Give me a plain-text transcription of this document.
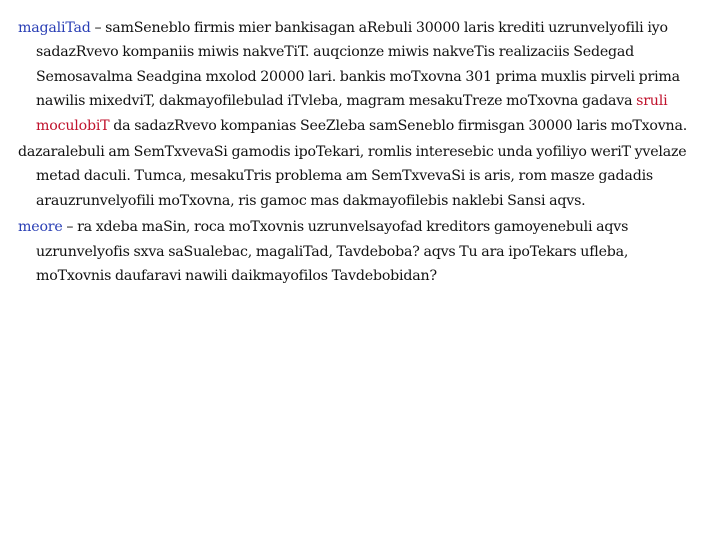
magaliTad – samSeneblo firmis mier bankisagan aRebuli 30000 laris krediti uzrunvelyofili iyo sadazRvevo kompaniis miwis nakveTiT. auqcionze miwis nakveTis realizaciis Sedegad Semosavalma Seadgina mxolod 20000 lari. bankis moTxovna 301 prima muxlis pirveli prima nawilis mixedviT, dakmayofilebulad iTvleba, magram mesakuTreze moTxovna gadava sruli moculobiT da sadazRvevo kompanias SeeZleba samSeneblo firmisgan 30000 laris moTxovna.

dazaralebuli am SemTxvevaSi gamodis ipoTekari, romlis interesebic unda yofiliyo weriT yvelaze metad daculi. Tumca, mesakuTris problema am SemTxvevaSi is aris, rom masze gadadis arauzrunvelyofili moTxovna, ris gamoc mas dakmayofilebis naklebi Sansi aqvs.

meore – ra xdeba maSin, roca moTxovnis uzrunvelsayofad kreditors gamoyenebuli aqvs uzrunvelyofis sxva saSualebac, magaliTad, Tavdeboba? aqvs Tu ara ipoTekars ufleba, moTxovnis daufaravi nawili daikmayofilos Tavdebobidan?
